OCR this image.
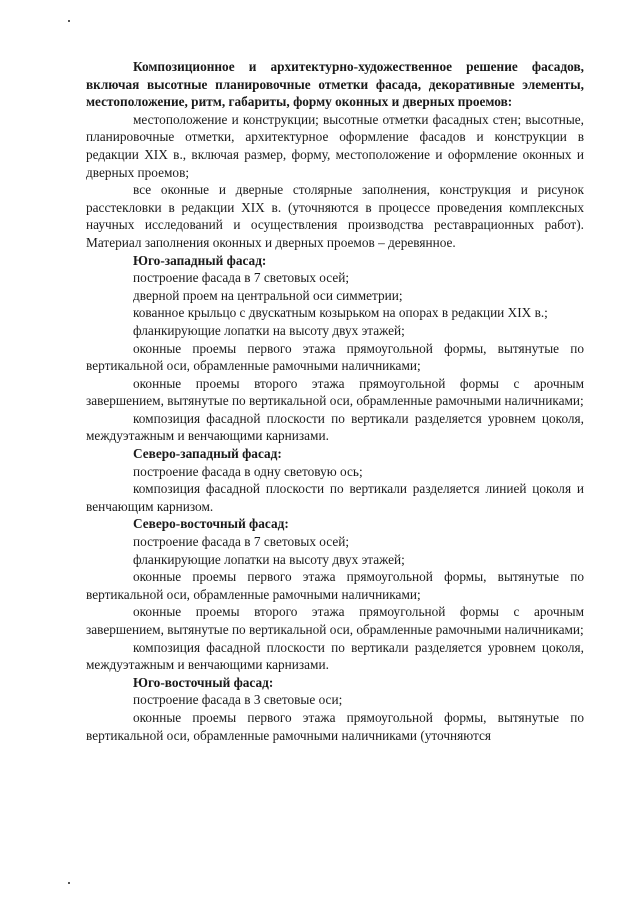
Композиционное и архитектурно-художественное решение фасадов, включая высотные планировочные отметки фасада, декоративные элементы, местоположение, ритм, габариты, форму оконных и дверных проемов:

местоположение и конструкции; высотные отметки фасадных стен; высотные, планировочные отметки, архитектурное оформление фасадов и конструкции в редакции XIX в., включая размер, форму, местоположение и оформление оконных и дверных проемов;

все оконные и дверные столярные заполнения, конструкция и рисунок расстекловки в редакции XIX в. (уточняются в процессе проведения комплексных научных исследований и осуществления производства реставрационных работ). Материал заполнения оконных и дверных проемов – деревянное.

Юго-западный фасад:

построение фасада в 7 световых осей;

дверной проем на центральной оси симметрии;

кованное крыльцо с двускатным козырьком на опорах в редакции XIX в.;

фланкирующие лопатки на высоту двух этажей;

оконные проемы первого этажа прямоугольной формы, вытянутые по вертикальной оси, обрамленные рамочными наличниками;

оконные проемы второго этажа прямоугольной формы с арочным завершением, вытянутые по вертикальной оси, обрамленные рамочными наличниками;

композиция фасадной плоскости по вертикали разделяется уровнем цоколя, междуэтажным и венчающими карнизами.

Северо-западный фасад:

построение фасада в одну световую ось;

композиция фасадной плоскости по вертикали разделяется линией цоколя и венчающим карнизом.

Северо-восточный фасад:

построение фасада в 7 световых осей;

фланкирующие лопатки на высоту двух этажей;

оконные проемы первого этажа прямоугольной формы, вытянутые по вертикальной оси, обрамленные рамочными наличниками;

оконные проемы второго этажа прямоугольной формы с арочным завершением, вытянутые по вертикальной оси, обрамленные рамочными наличниками;

композиция фасадной плоскости по вертикали разделяется уровнем цоколя, междуэтажным и венчающими карнизами.

Юго-восточный фасад:

построение фасада в 3 световые оси;

оконные проемы первого этажа прямоугольной формы, вытянутые по вертикальной оси, обрамленные рамочными наличниками (уточняются
